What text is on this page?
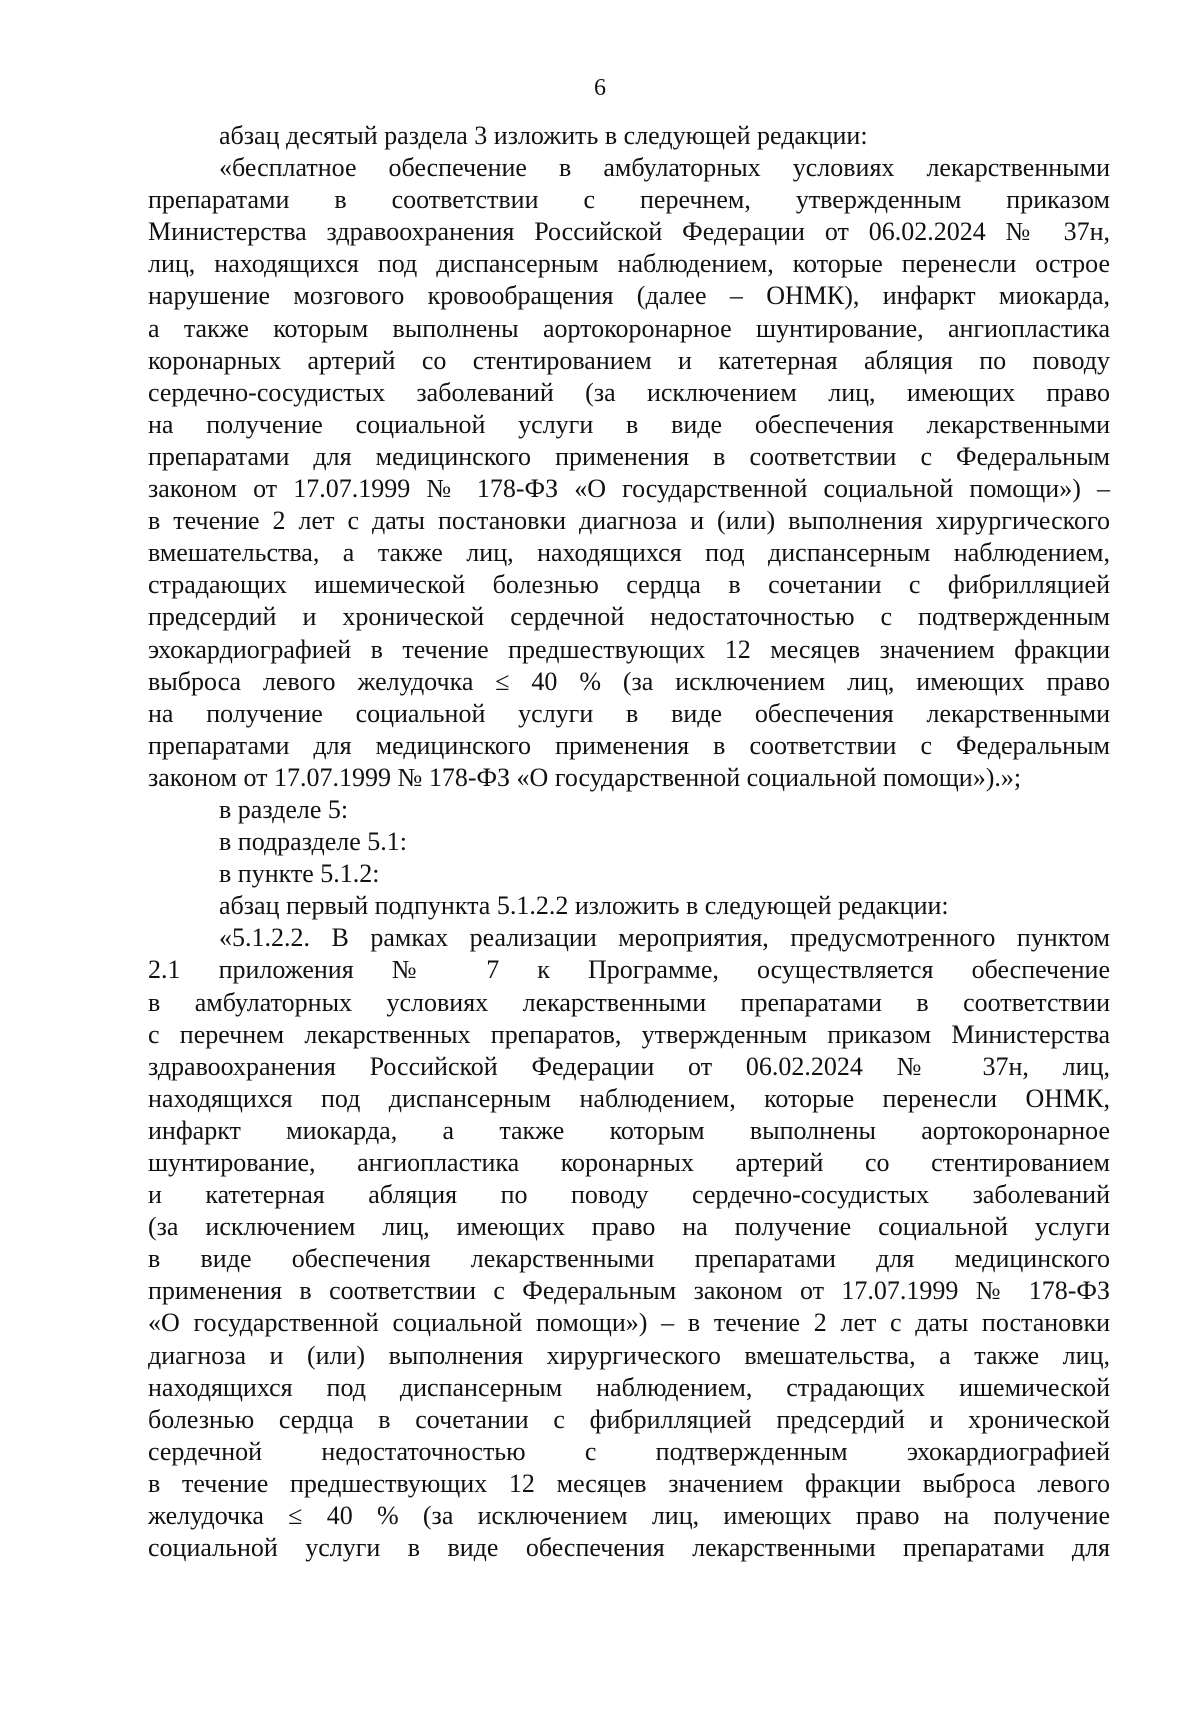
6
абзац десятый раздела 3 изложить в следующей редакции:
«бесплатное обеспечение в амбулаторных условиях лекарственными
препаратами в соответствии с перечнем, утвержденным приказом
Министерства здравоохранения Российской Федерации от 06.02.2024 № 37н,
лиц, находящихся под диспансерным наблюдением, которые перенесли острое
нарушение мозгового кровообращения (далее – ОНМК), инфаркт миокарда,
а также которым выполнены аортокоронарное шунтирование, ангиопластика
коронарных артерий со стентированием и катетерная абляция по поводу
сердечно-сосудистых заболеваний (за исключением лиц, имеющих право
на получение социальной услуги в виде обеспечения лекарственными
препаратами для медицинского применения в соответствии с Федеральным
законом от 17.07.1999 № 178-ФЗ «О государственной социальной помощи») –
в течение 2 лет с даты постановки диагноза и (или) выполнения хирургического
вмешательства, а также лиц, находящихся под диспансерным наблюдением,
страдающих ишемической болезнью сердца в сочетании с фибрилляцией
предсердий и хронической сердечной недостаточностью с подтвержденным
эхокардиографией в течение предшествующих 12 месяцев значением фракции
выброса левого желудочка ≤ 40 % (за исключением лиц, имеющих право
на получение социальной услуги в виде обеспечения лекарственными
препаратами для медицинского применения в соответствии с Федеральным
законом от 17.07.1999 № 178-ФЗ «О государственной социальной помощи»).»;
в разделе 5:
в подразделе 5.1:
в пункте 5.1.2:
абзац первый подпункта 5.1.2.2 изложить в следующей редакции:
«5.1.2.2. В рамках реализации мероприятия, предусмотренного пунктом
2.1 приложения № 7 к Программе, осуществляется обеспечение
в амбулаторных условиях лекарственными препаратами в соответствии
с перечнем лекарственных препаратов, утвержденным приказом Министерства
здравоохранения Российской Федерации от 06.02.2024 № 37н, лиц,
находящихся под диспансерным наблюдением, которые перенесли ОНМК,
инфаркт миокарда, а также которым выполнены аортокоронарное
шунтирование, ангиопластика коронарных артерий со стентированием
и катетерная абляция по поводу сердечно-сосудистых заболеваний
(за исключением лиц, имеющих право на получение социальной услуги
в виде обеспечения лекарственными препаратами для медицинского
применения в соответствии с Федеральным законом от 17.07.1999 № 178-ФЗ
«О государственной социальной помощи») – в течение 2 лет с даты постановки
диагноза и (или) выполнения хирургического вмешательства, а также лиц,
находящихся под диспансерным наблюдением, страдающих ишемической
болезнью сердца в сочетании с фибрилляцией предсердий и хронической
сердечной недостаточностью с подтвержденным эхокардиографией
в течение предшествующих 12 месяцев значением фракции выброса левого
желудочка ≤ 40 % (за исключением лиц, имеющих право на получение
социальной услуги в виде обеспечения лекарственными препаратами для
